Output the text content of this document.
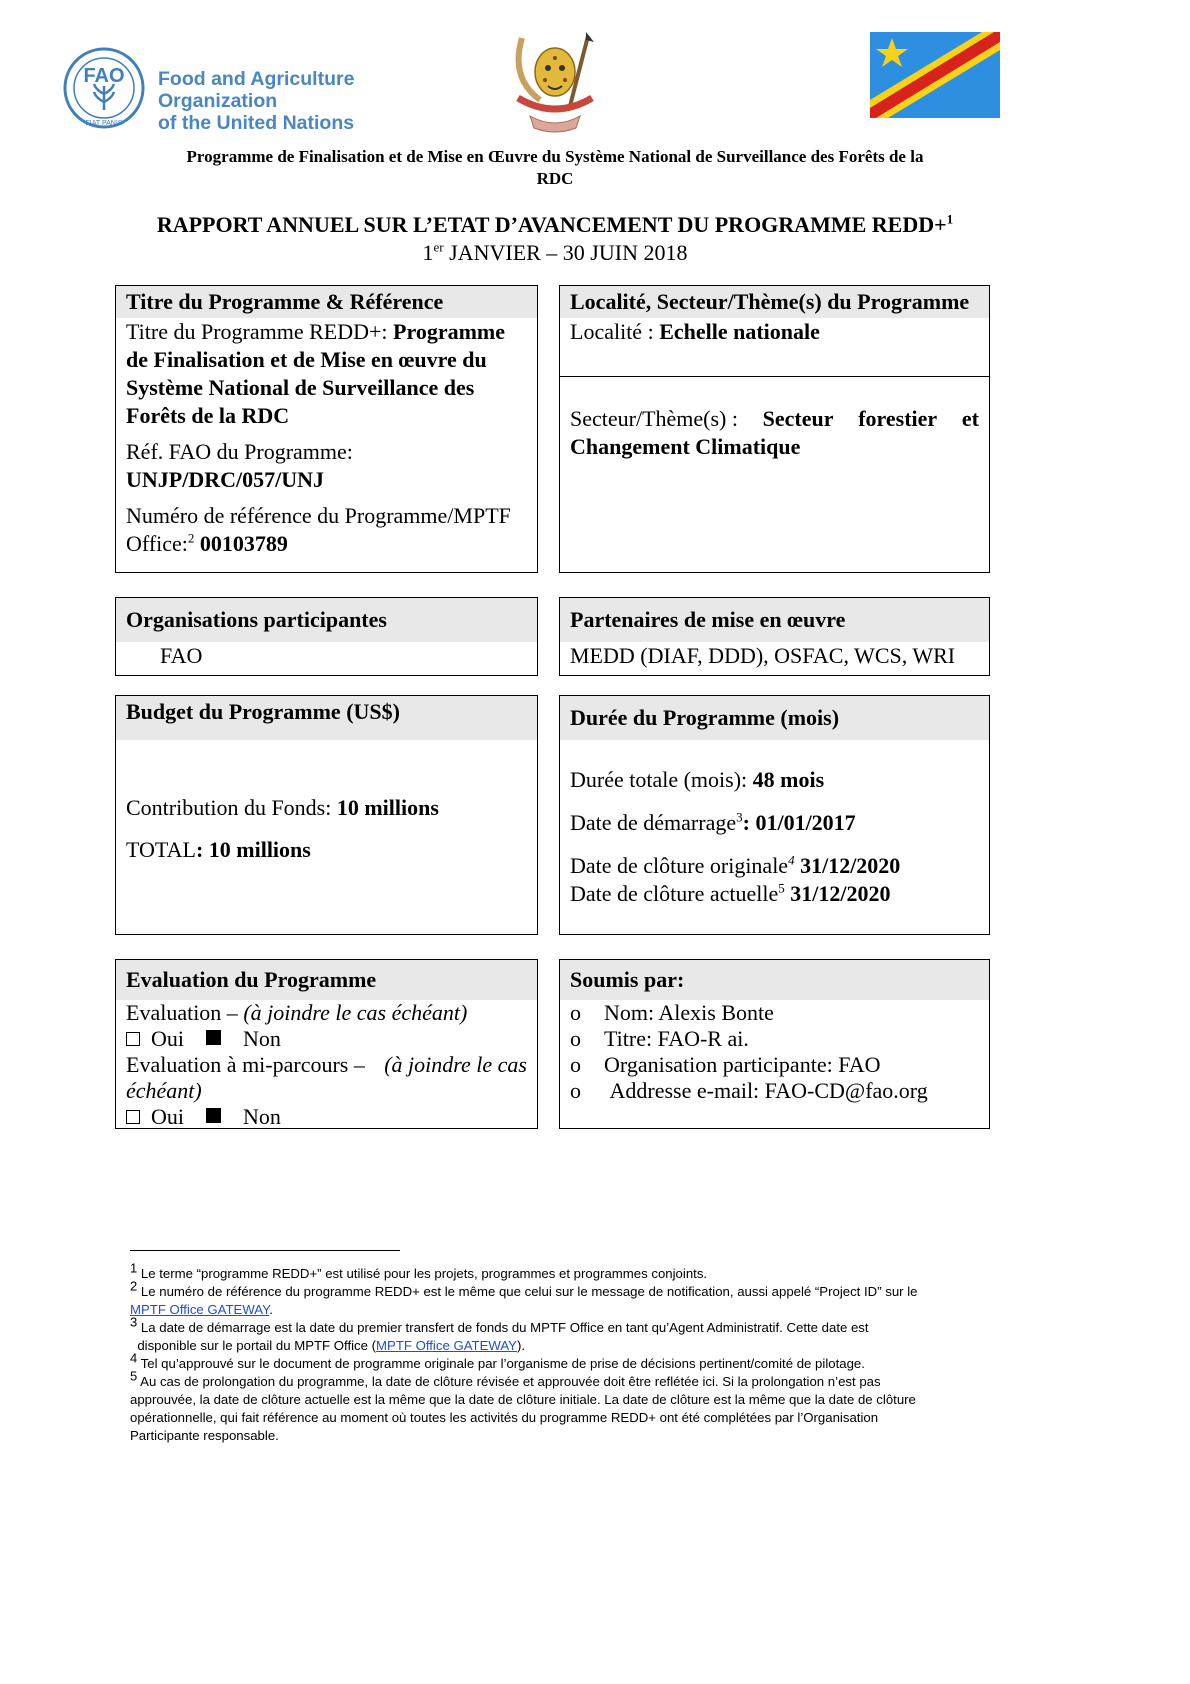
FAO
FIAT PANIS
Food and Agriculture Organization
of the United Nations
Programme de Finalisation et de Mise en Œuvre du Système National de Surveillance des Forêts de la
RDC
RAPPORT ANNUEL SUR L’ETAT D’AVANCEMENT DU PROGRAMME REDD+$^1$
1er JANVIER – 30 JUIN 2018
Titre du Programme & Référence
Titre du Programme REDD+: Programme
de Finalisation et de Mise en œuvre du
Système National de Surveillance des
Forêts de la RDC
Réf. FAO du Programme:
UNJP/DRC/057/UNJ
Numéro de référence du Programme/MPTF
Office:$^2$ 00103789
Localité, Secteur/Thème(s) du Programme
Localité : Echelle nationale
Secteur/Thème(s) : Secteur forestier et
Changement Climatique
Organisations participantes
FAO
Partenaires de mise en œuvre
MEDD (DIAF, DDD), OSFAC, WCS, WRI
Budget du Programme (US$)
Contribution du Fonds: 10 millions
TOTAL: 10 millions
Durée du Programme (mois)
Durée totale (mois): 48 mois
Date de démarrage$^3$: 01/01/2017
Date de clôture originale$^4$ 31/12/2020
Date de clôture actuelle$^5$ 31/12/2020
Evaluation du Programme
Evaluation – (à joindre le cas échéant)
Oui	Non
Evaluation à mi-parcours – (à joindre le cas
échéant)
Oui	Non
Soumis par:
o Nom: Alexis Bonte
o Titre: FAO-R ai.
o Organisation participante: FAO
o Addresse e-mail: FAO-CD@fao.org
$^1$ Le terme “programme REDD+” est utilisé pour les projets, programmes et programmes conjoints.
$^2$ Le numéro de référence du programme REDD+ est le même que celui sur le message de notification, aussi appelé “Project ID” sur le
MPTF Office GATEWAY.
$^3$ La date de démarrage est la date du premier transfert de fonds du MPTF Office en tant qu’Agent Administratif. Cette date est
disponible sur le portail du MPTF Office (MPTF Office GATEWAY).
$^4$ Tel qu’approuvé sur le document de programme originale par l’organisme de prise de décisions pertinent/comité de pilotage.
$^5$ Au cas de prolongation du programme, la date de clôture révisée et approuvée doit être reflétée ici. Si la prolongation n’est pas
approuvée, la date de clôture actuelle est la même que la date de clôture initiale. La date de clôture est la même que la date de clôture
opérationnelle, qui fait référence au moment où toutes les activités du programme REDD+ ont été complétées par l’Organisation
Participante responsable.
